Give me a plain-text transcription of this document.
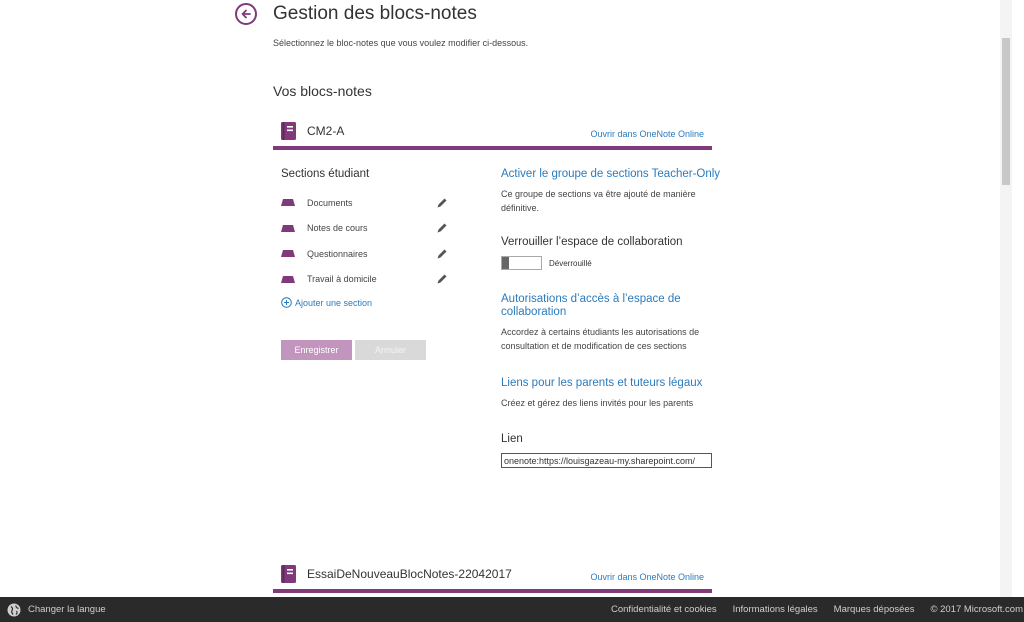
Gestion des blocs-notes
Sélectionnez le bloc-notes que vous voulez modifier ci-dessous.
Vos blocs-notes
CM2-A	Ouvrir dans OneNote Online
Sections étudiant
Documents
Notes de cours
Questionnaires
Travail à domicile
Ajouter une section
Enregistrer	Annuler
Activer le groupe de sections Teacher-Only
Ce groupe de sections va être ajouté de manière définitive.
Verrouiller l’espace de collaboration
Déverrouillé
Autorisations d’accès à l’espace de collaboration
Accordez à certains étudiants les autorisations de consultation et de modification de ces sections
Liens pour les parents et tuteurs légaux
Créez et gérez des liens invités pour les parents
Lien
onenote:https://louisgazeau-my.sharepoint.com/
EssaiDeNouveauBlocNotes-22042017	Ouvrir dans OneNote Online
Changer la langue	Confidentialité et cookies Informations légales Marques déposées © 2017 Microsoft.com
